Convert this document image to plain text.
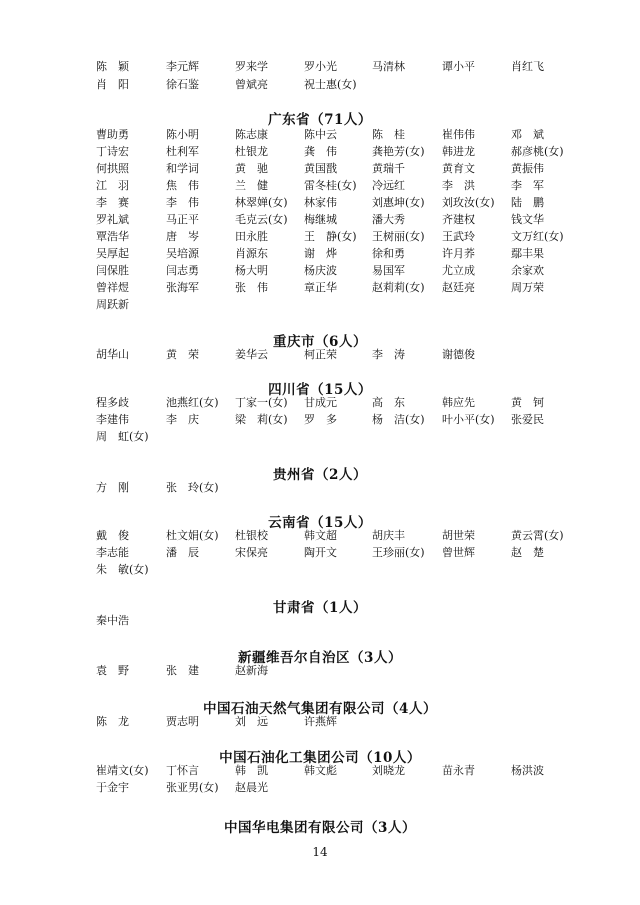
陈　颖	李元辉	罗来学	罗小光	马清林	谭小平	肖红飞
肖　阳	徐石鉴	曾斌亮	祝士惠(女)
广东省（71人）
曹助勇	陈小明	陈志康	陈中云	陈　桂	崔伟伟	邓　斌
丁诗宏	杜利军	杜银龙	龚　伟	龚艳芳(女) 韩进龙	郝彦桃(女)
何拱照	和学词	黄　驰	黄国戬	黄瑞千	黄育文	黄振伟
江　羽	焦　伟	兰　健	雷冬桂(女) 冷远红	李　洪	李　军
李　赛	李　伟	林翠婵(女) 林家伟	刘惠坤(女) 刘玫汝(女) 陆　鹏
罗礼斌	马正平	毛克云(女) 梅继城	潘大秀	齐建权	钱文华
覃浩华	唐　岑	田永胜	王　静(女) 王树丽(女) 王武玲	文万红(女)
吴厚起	吴培源	肖源东	谢　烨	徐和勇	许月荞	鄢丰果
闫保胜	闫志勇	杨大明	杨庆波	易国军	尤立成	余家欢
曾祥煜	张海军	张　伟	章正华	赵莉莉(女) 赵廷亮	周万荣
周跃新
重庆市（6人）
胡华山	黄　荣	姜华云	柯正荣	李　涛	谢德俊
四川省（15人）
程多歧	池燕红(女) 丁家一(女) 甘成元	高　东	韩应先	黄　钶
李建伟	李　庆	梁　莉(女) 罗　多	杨　洁(女) 叶小平(女) 张爱民
周　虹(女)
贵州省（2人）
方　刚	张　玲(女)
云南省（15人）
戴　俊	杜文娟(女) 杜银校	韩文超	胡庆丰	胡世荣	黄云霄(女)
李志能	潘　辰	宋保亮	陶开文	王珍丽(女) 曾世辉	赵　楚
朱　敏(女)
甘肃省（1人）
秦中浩
新疆维吾尔自治区（3人）
袁　野	张　建	赵新海
中国石油天然气集团有限公司（4人）
陈　龙	贾志明	刘　远	许燕辉
中国石油化工集团公司（10人）
崔靖文(女) 丁怀言	韩　凯	韩文彪	刘晓龙	苗永青	杨洪波
于金宇	张亚男(女) 赵晨光
中国华电集团有限公司（3人）
14
